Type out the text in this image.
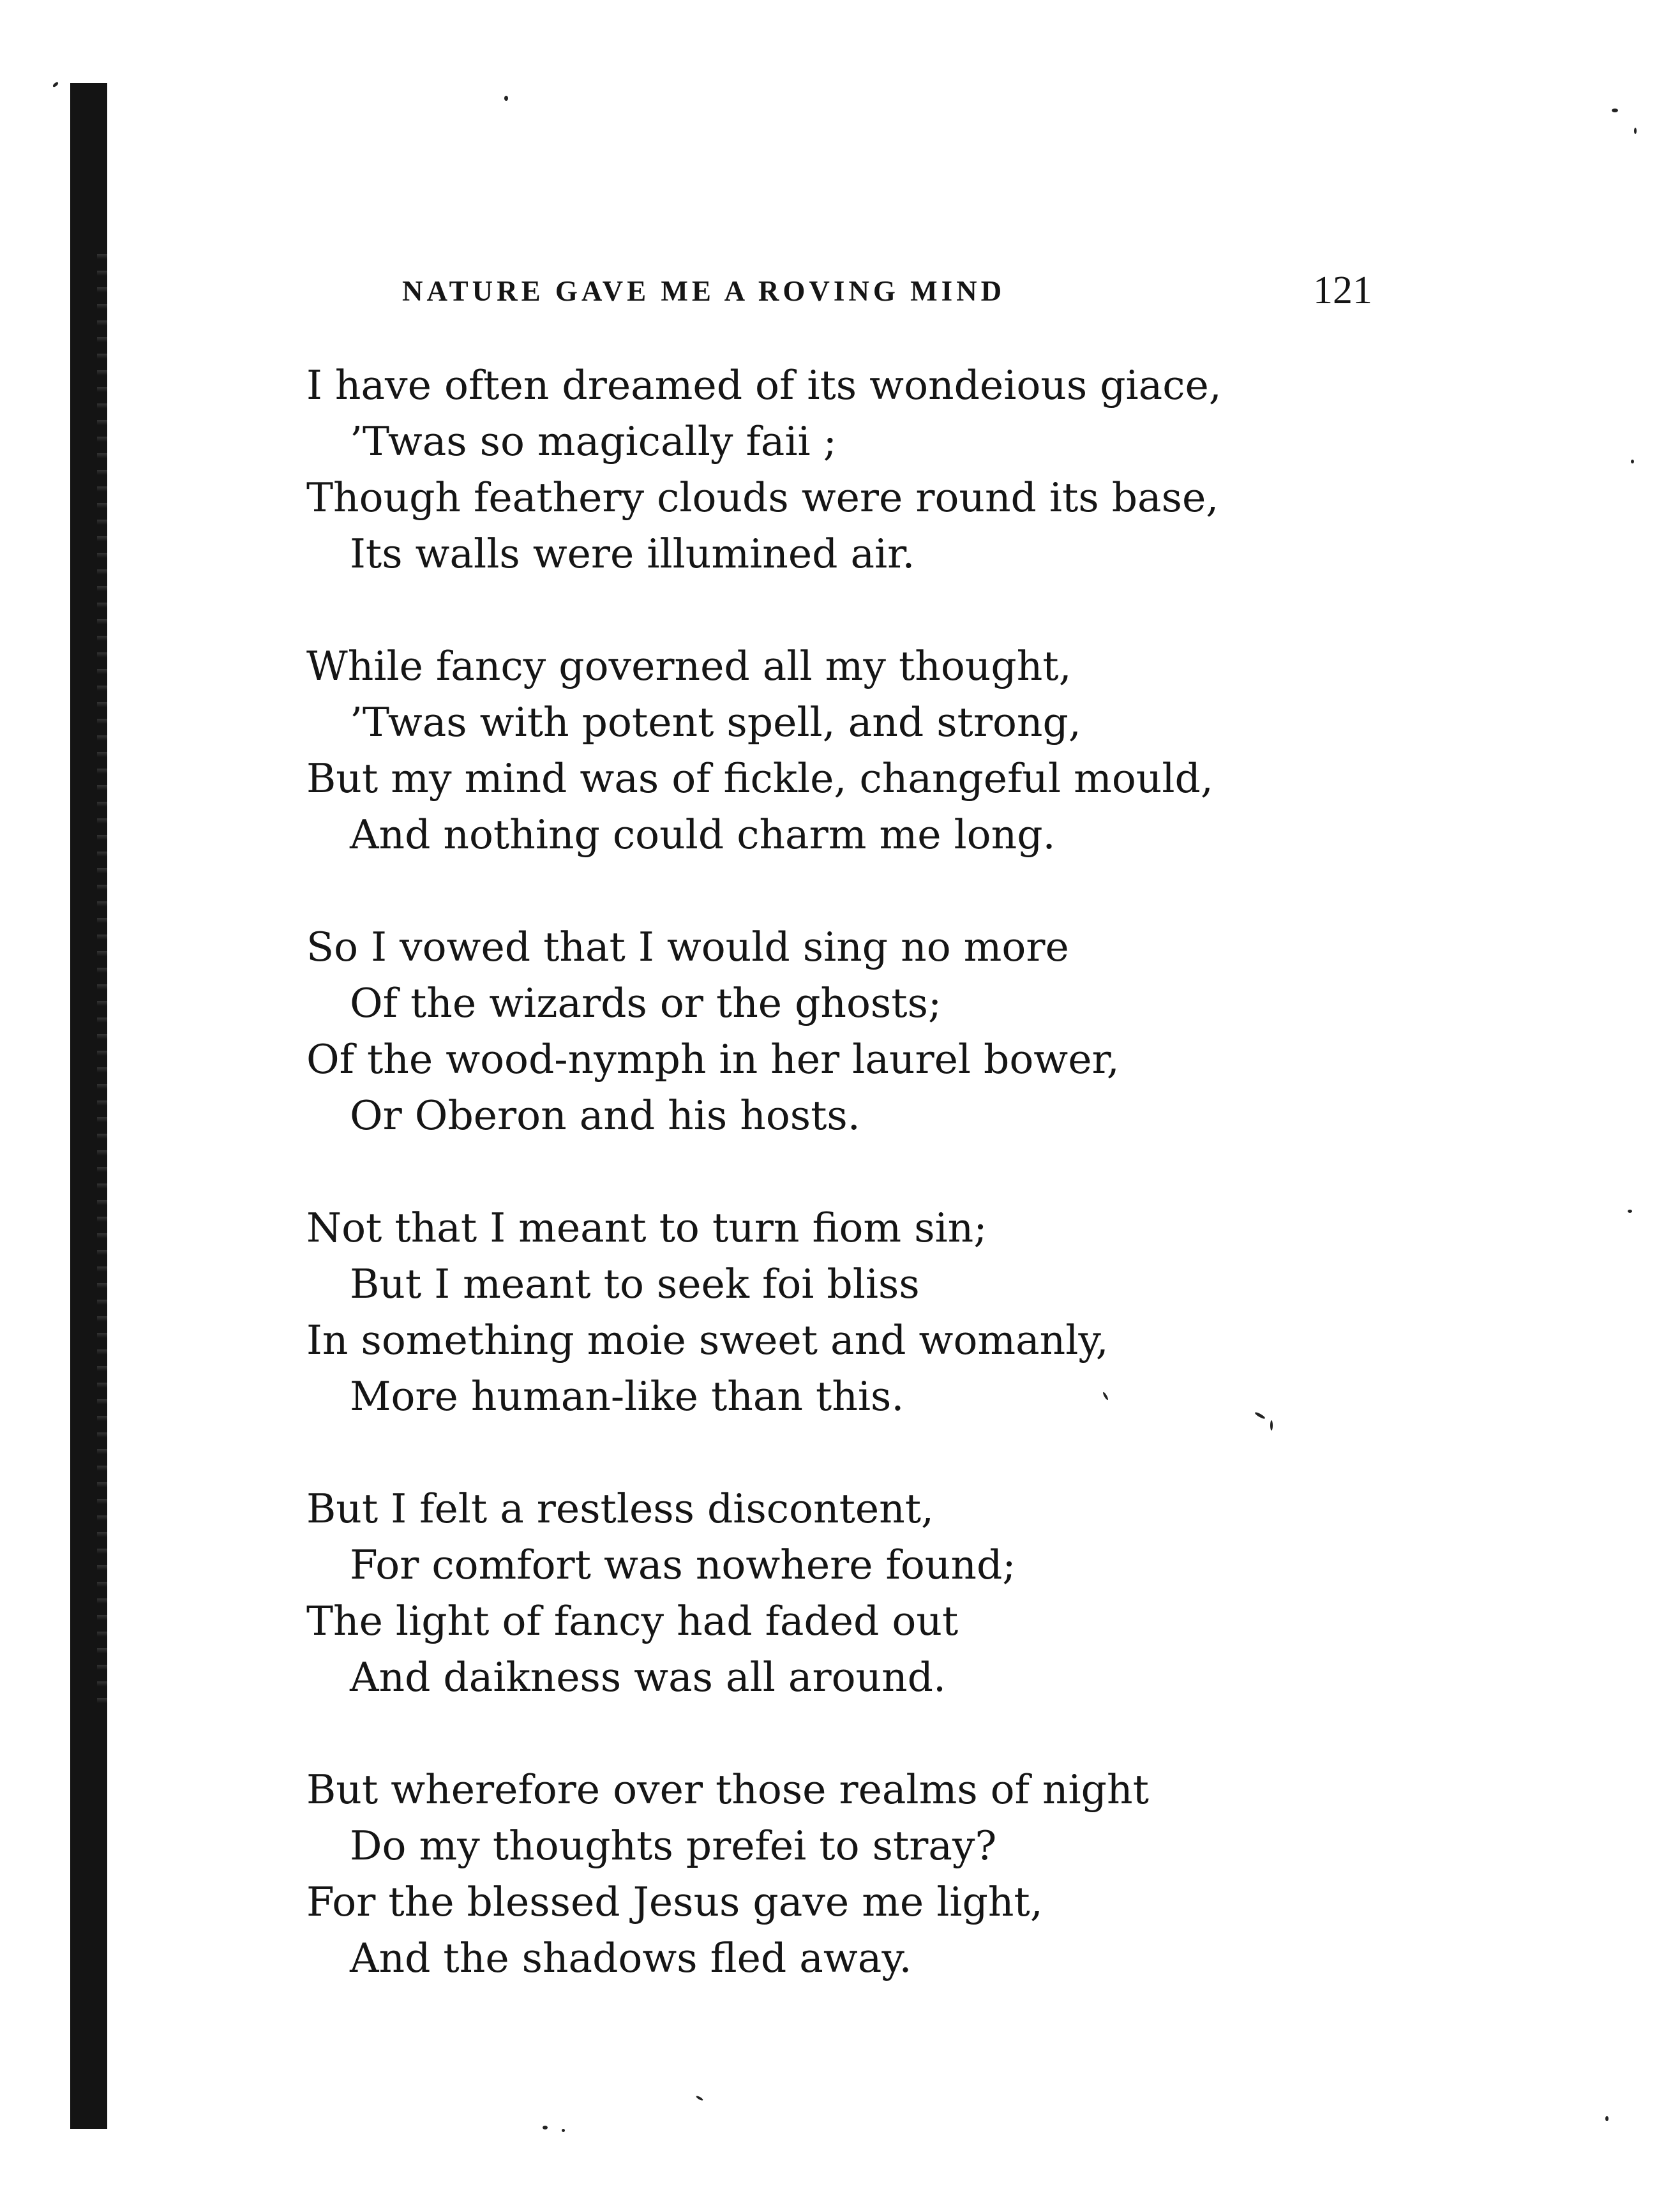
NATURE GAVE ME A ROVING MIND	121
I have often dreamed of its wondeious giace,
’Twas so magically faii ;
Though feathery clouds were round its base,
Its walls were illumined air.
While fancy governed all my thought,
’Twas with potent spell, and strong,
But my mind was of fickle, changeful mould,
And nothing could charm me long.
So I vowed that I would sing no more
Of the wizards or the ghosts;
Of the wood-nymph in her laurel bower,
Or Oberon and his hosts.
Not that I meant to turn fiom sin;
But I meant to seek foi bliss
In something moie sweet and womanly,
More human-like than this.
But I felt a restless discontent,
For comfort was nowhere found;
The light of fancy had faded out
And daikness was all around.
But wherefore over those realms of night
Do my thoughts prefei to stray?
For the blessed Jesus gave me light,
And the shadows fled away.
